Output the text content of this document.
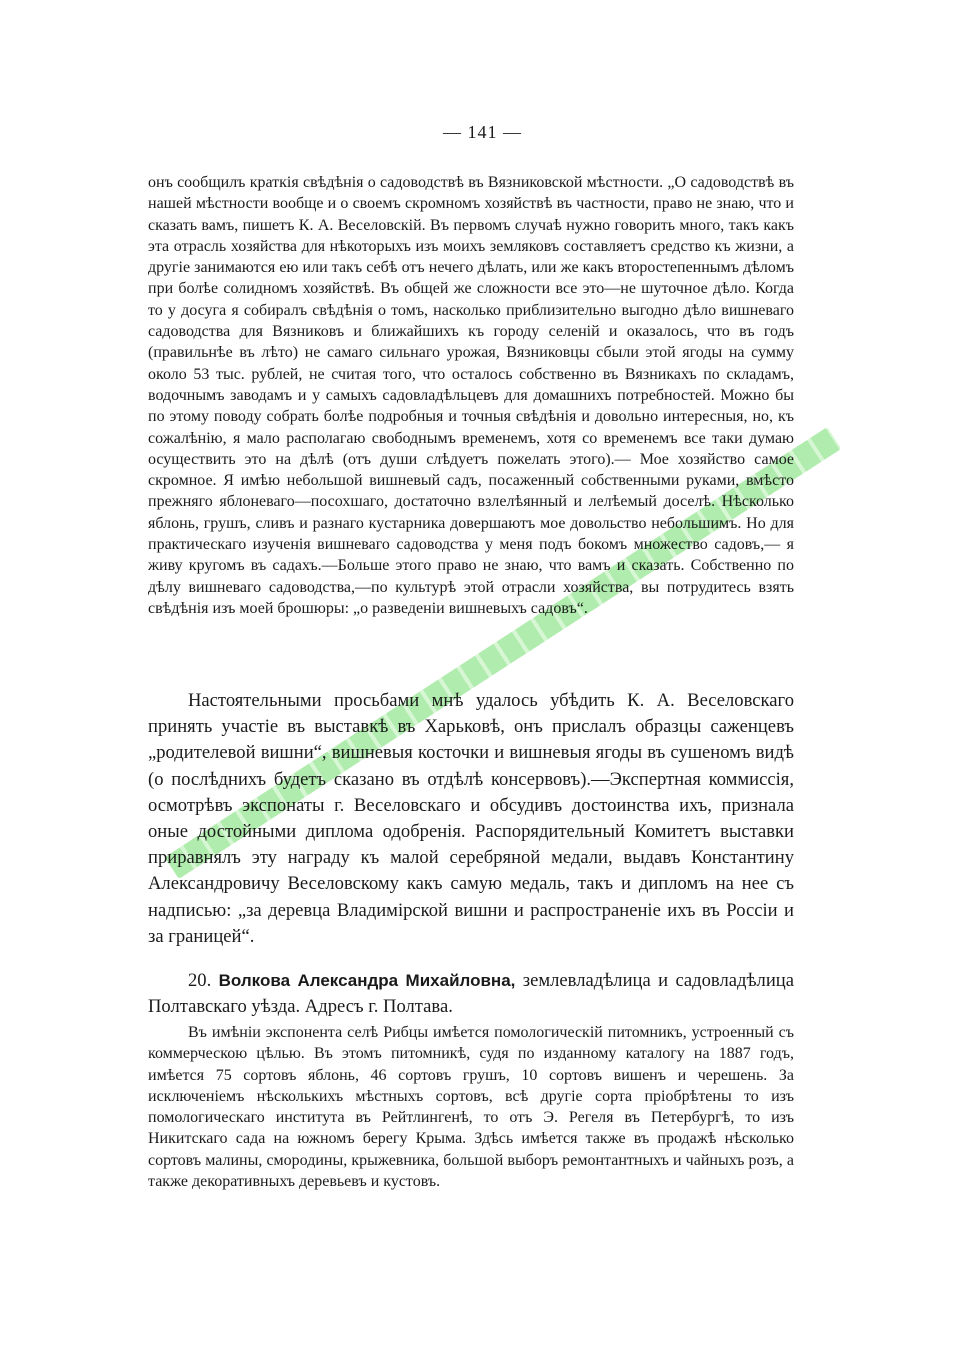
— 141 —

онъ сообщилъ краткія свѣдѣнія о садоводствѣ въ Вязниковской мѣстности. „О садоводствѣ въ нашей мѣстности вообще и о своемъ скромномъ хозяйствѣ въ частности, право не знаю, что и сказать вамъ, пишетъ К. А. Веселовскій. Въ первомъ случаѣ нужно говорить много, такъ какъ эта отрасль хозяйства для нѣкоторыхъ изъ моихъ земляковъ составляетъ средство къ жизни, а другіе занимаются ею или такъ себѣ отъ нечего дѣлать, или же какъ второстепеннымъ дѣломъ при болѣе солидномъ хозяйствѣ. Въ общей же сложности все это—не шуточное дѣло. Когда то у досуга я собиралъ свѣдѣнія о томъ, насколько приблизительно выгодно дѣло вишневаго садоводства для Вязниковъ и ближайшихъ къ городу селеній и оказалось, что въ годъ (правильнѣе въ лѣто) не самаго сильнаго урожая, Вязниковцы сбыли этой ягоды на сумму около 53 тыс. рублей, не считая того, что осталось собственно въ Вязникахъ по складамъ, водочнымъ заводамъ и у самыхъ садовладѣльцевъ для домашнихъ потребностей. Можно бы по этому поводу собрать болѣе подробныя и точныя свѣдѣнія и довольно интересныя, но, къ сожалѣнію, я мало располагаю свободнымъ временемъ, хотя со временемъ все таки думаю осуществить это на дѣлѣ (отъ души слѣдуетъ пожелать этого).— Мое хозяйство самое скромное. Я имѣю небольшой вишневый садъ, посаженный собственными руками, вмѣсто прежняго яблоневаго—посохшаго, достаточно взлелѣянный и лелѣемый доселѣ. Нѣсколько яблонь, грушъ, сливъ и разнаго кустарника довершаютъ мое довольство небольшимъ. Но для практическаго изученія вишневаго садоводства у меня подъ бокомъ множество садовъ,— я живу кругомъ въ садахъ.—Больше этого право не знаю, что вамъ и сказать. Собственно по дѣлу вишневаго садоводства,—по культурѣ этой отрасли хозяйства, вы потрудитесь взять свѣдѣнія изъ моей брошюры: „о разведеніи вишневыхъ садовъ“.

Настоятельными просьбами мнѣ удалось убѣдить К. А. Веселовскаго принять участіе въ выставкѣ въ Харьковѣ, онъ прислалъ образцы саженцевъ „родителевой вишни“, вишневыя косточки и вишневыя ягоды въ сушеномъ видѣ (о послѣднихъ будетъ сказано въ отдѣлѣ консервовъ).—Экспертная коммиссія, осмотрѣвъ экспонаты г. Веселовскаго и обсудивъ достоинства ихъ, признала оные достойными диплома одобренія. Распорядительный Комитетъ выставки приравнялъ эту награду къ малой серебряной медали, выдавъ Константину Александровичу Веселовскому какъ самую медаль, такъ и дипломъ на нее съ надписью: „за деревца Владимірской вишни и распространеніе ихъ въ Россіи и за границей“.

20. Волкова Александра Михайловна, землевладѣлица и садовладѣлица Полтавскаго уѣзда. Адресъ г. Полтава.

Въ имѣніи экспонента селѣ Рибцы имѣется помологическій питомникъ, устроенный съ коммерческою цѣлью. Въ этомъ питомникѣ, судя по изданному каталогу на 1887 годъ, имѣется 75 сортовъ яблонь, 46 сортовъ грушъ, 10 сортовъ вишенъ и черешень. За исключеніемъ нѣсколькихъ мѣстныхъ сортовъ, всѣ другіе сорта пріобрѣтены то изъ помологическаго института въ Рейтлингенѣ, то отъ Э. Регеля въ Петербургѣ, то изъ Никитскаго сада на южномъ берегу Крыма. Здѣсь имѣется также въ продажѣ нѣсколько сортовъ малины, смородины, крыжевника, большой выборъ ремонтантныхъ и чайныхъ розъ, а также декоративныхъ деревьевъ и кустовъ.
